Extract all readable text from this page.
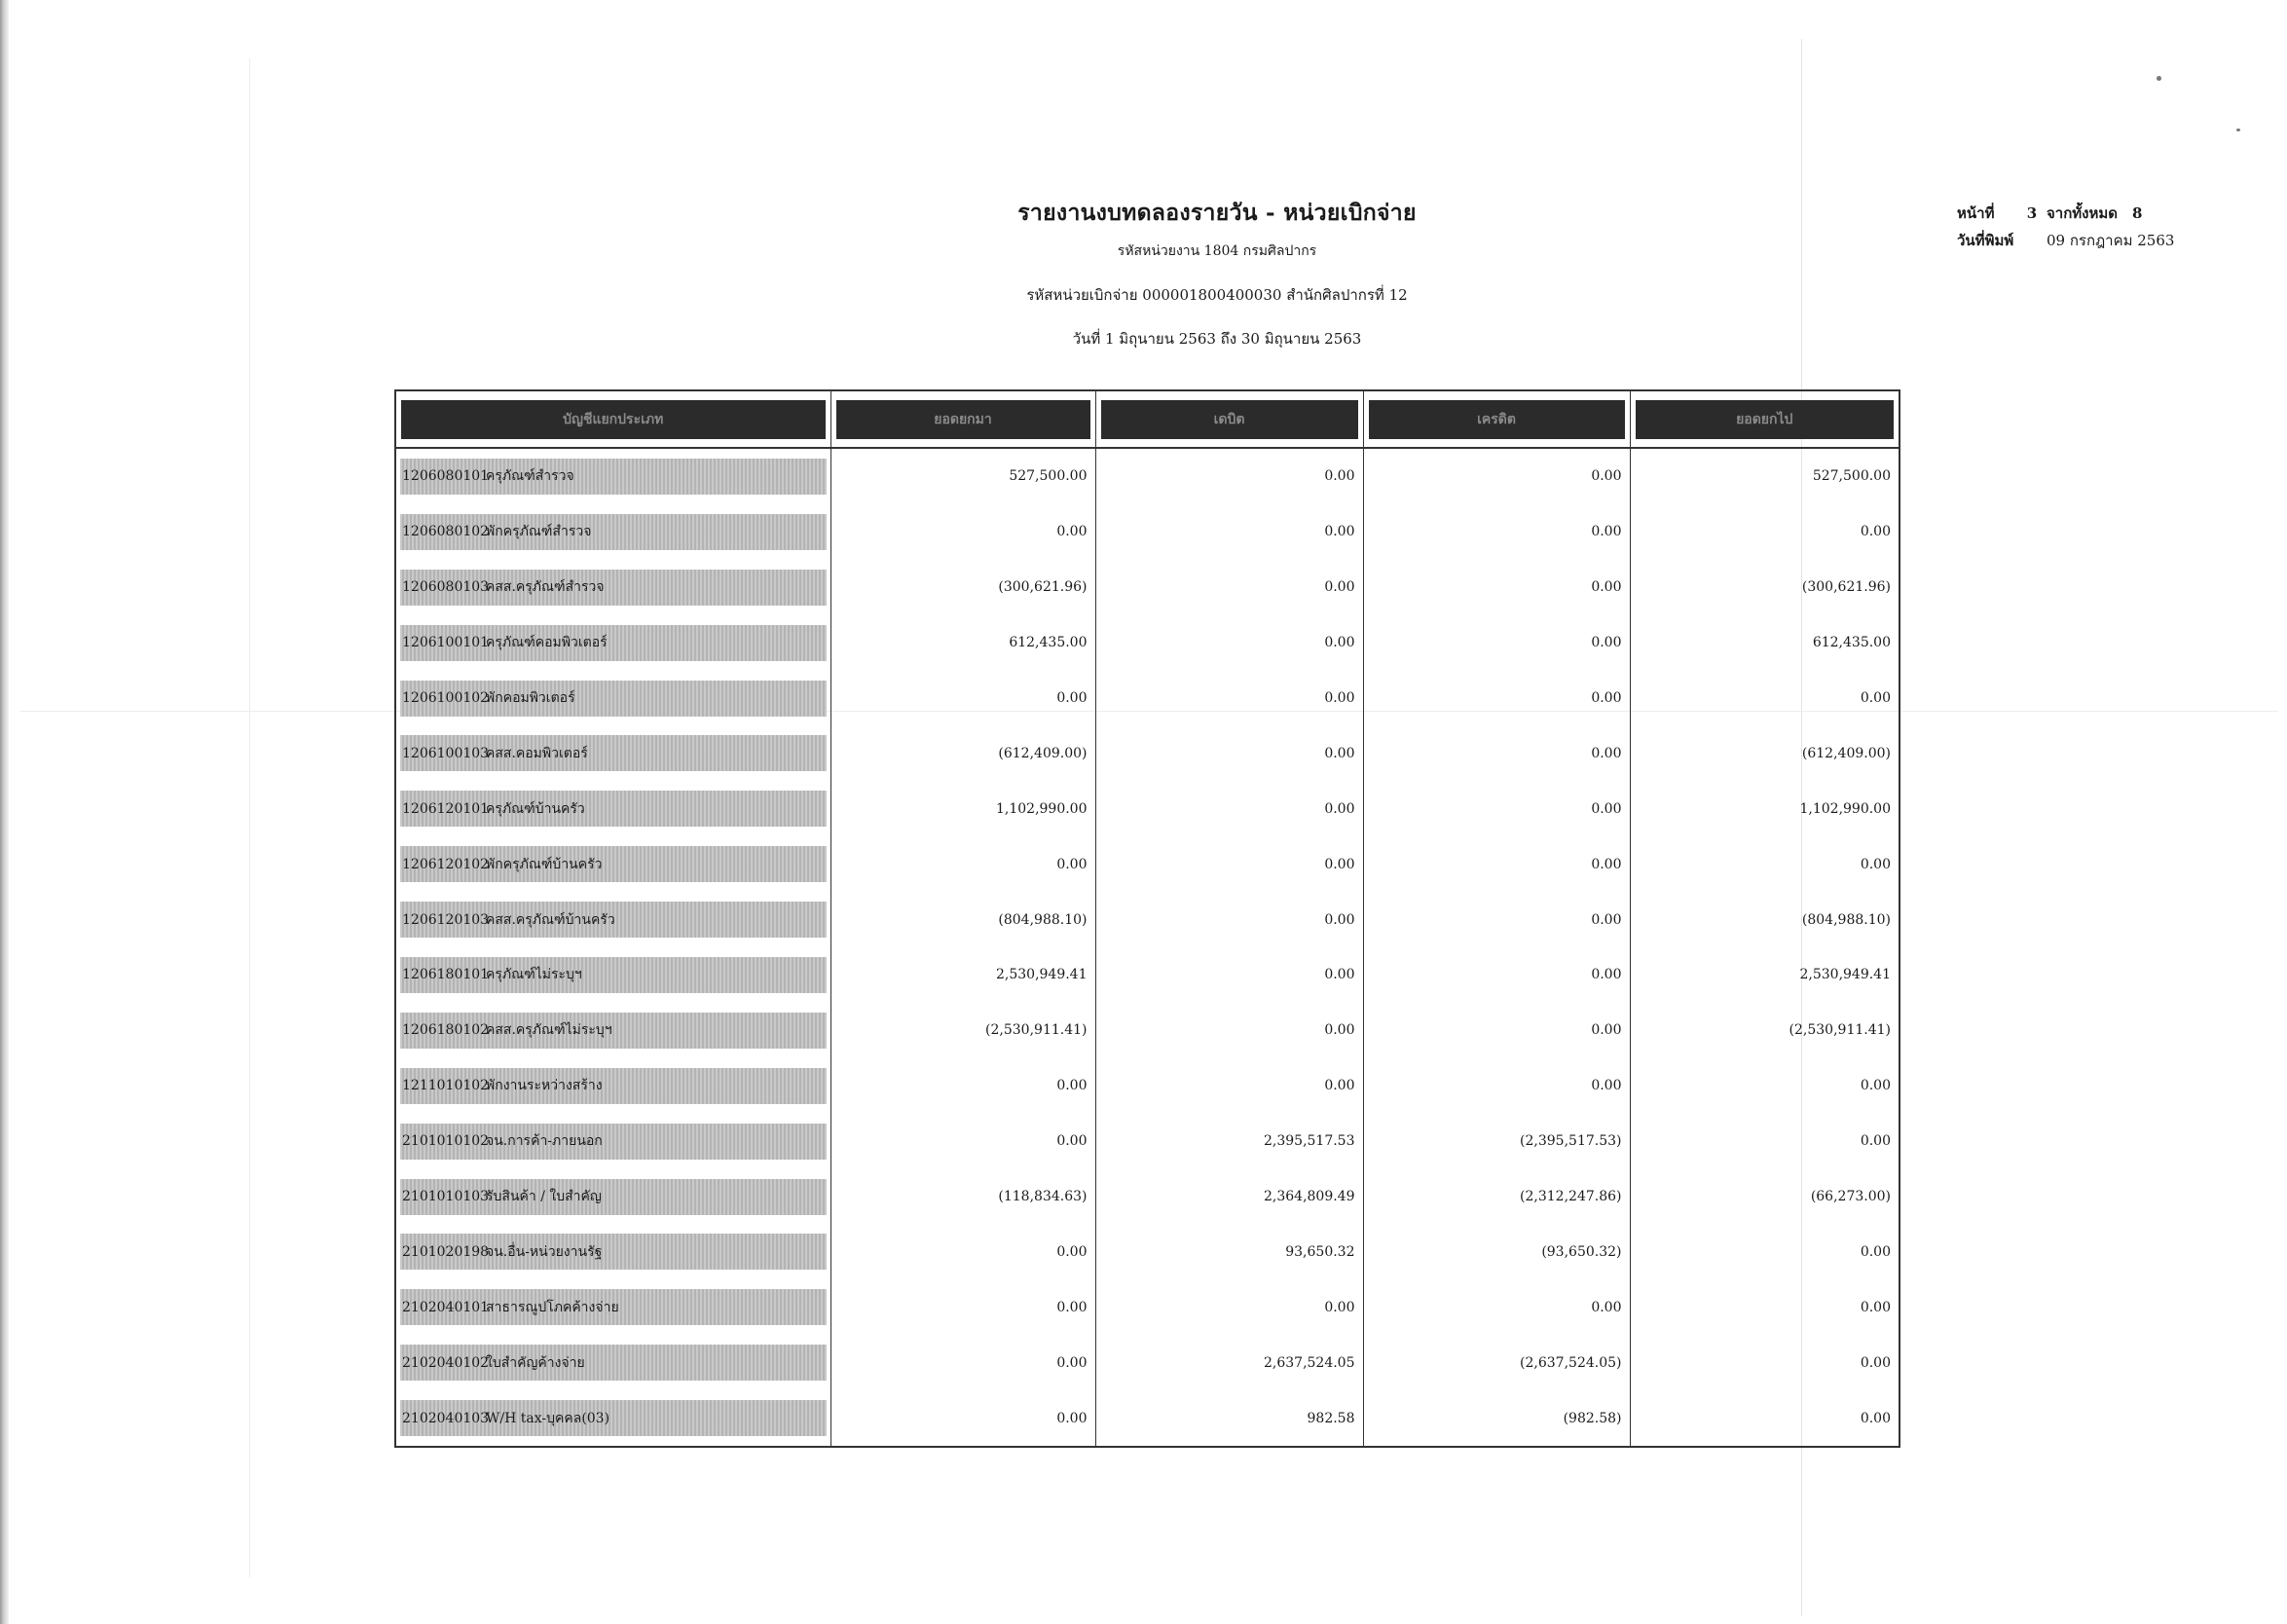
รายงานงบทดลองรายวัน - หน่วยเบิกจ่าย
รหัสหน่วยงาน 1804 กรมศิลปากร
รหัสหน่วยเบิกจ่าย 000001800400030 สำนักศิลปากรที่ 12
วันที่ 1 มิถุนายน 2563 ถึง 30 มิถุนายน 2563
หน้าที่	3 จากทั้งหมด 8
วันที่พิมพ์ 09 กรกฎาคม 2563
บัญชีแยกประเภท	ยอดยกมา	เดบิต	เครดิต	ยอดยกไป

1206080101
ครุภัณฑ์สำรวจ	527,500.00	0.00	0.00	527,500.00

1206080102
พักครุภัณฑ์สำรวจ	0.00	0.00	0.00	0.00

1206080103
คสส.ครุภัณฑ์สำรวจ	(300,621.96)	0.00	0.00	(300,621.96)

1206100101
ครุภัณฑ์คอมพิวเตอร์	612,435.00	0.00	0.00	612,435.00

1206100102
พักคอมพิวเตอร์	0.00	0.00	0.00	0.00

1206100103
คสส.คอมพิวเตอร์	(612,409.00)	0.00	0.00	(612,409.00)

1206120101
ครุภัณฑ์บ้านครัว	1,102,990.00	0.00	0.00	1,102,990.00

1206120102
พักครุภัณฑ์บ้านครัว	0.00	0.00	0.00	0.00

1206120103
คสส.ครุภัณฑ์บ้านครัว	(804,988.10)	0.00	0.00	(804,988.10)

1206180101
ครุภัณฑ์ไม่ระบุฯ	2,530,949.41	0.00	0.00	2,530,949.41

1206180102
คสส.ครุภัณฑ์ไม่ระบุฯ	(2,530,911.41)	0.00	0.00	(2,530,911.41)

1211010102
พักงานระหว่างสร้าง	0.00	0.00	0.00	0.00

2101010102
จน.การค้า-ภายนอก	0.00	2,395,517.53	(2,395,517.53)	0.00

2101010103
รับสินค้า / ใบสำคัญ	(118,834.63)	2,364,809.49	(2,312,247.86)	(66,273.00)

2101020198
จน.อื่น-หน่วยงานรัฐ	0.00	93,650.32	(93,650.32)	0.00

2102040101
สาธารณูปโภคค้างจ่าย	0.00	0.00	0.00	0.00

2102040102
ใบสำคัญค้างจ่าย	0.00	2,637,524.05	(2,637,524.05)	0.00

2102040103
W/H tax-บุคคล(03)	0.00	982.58	(982.58)	0.00
